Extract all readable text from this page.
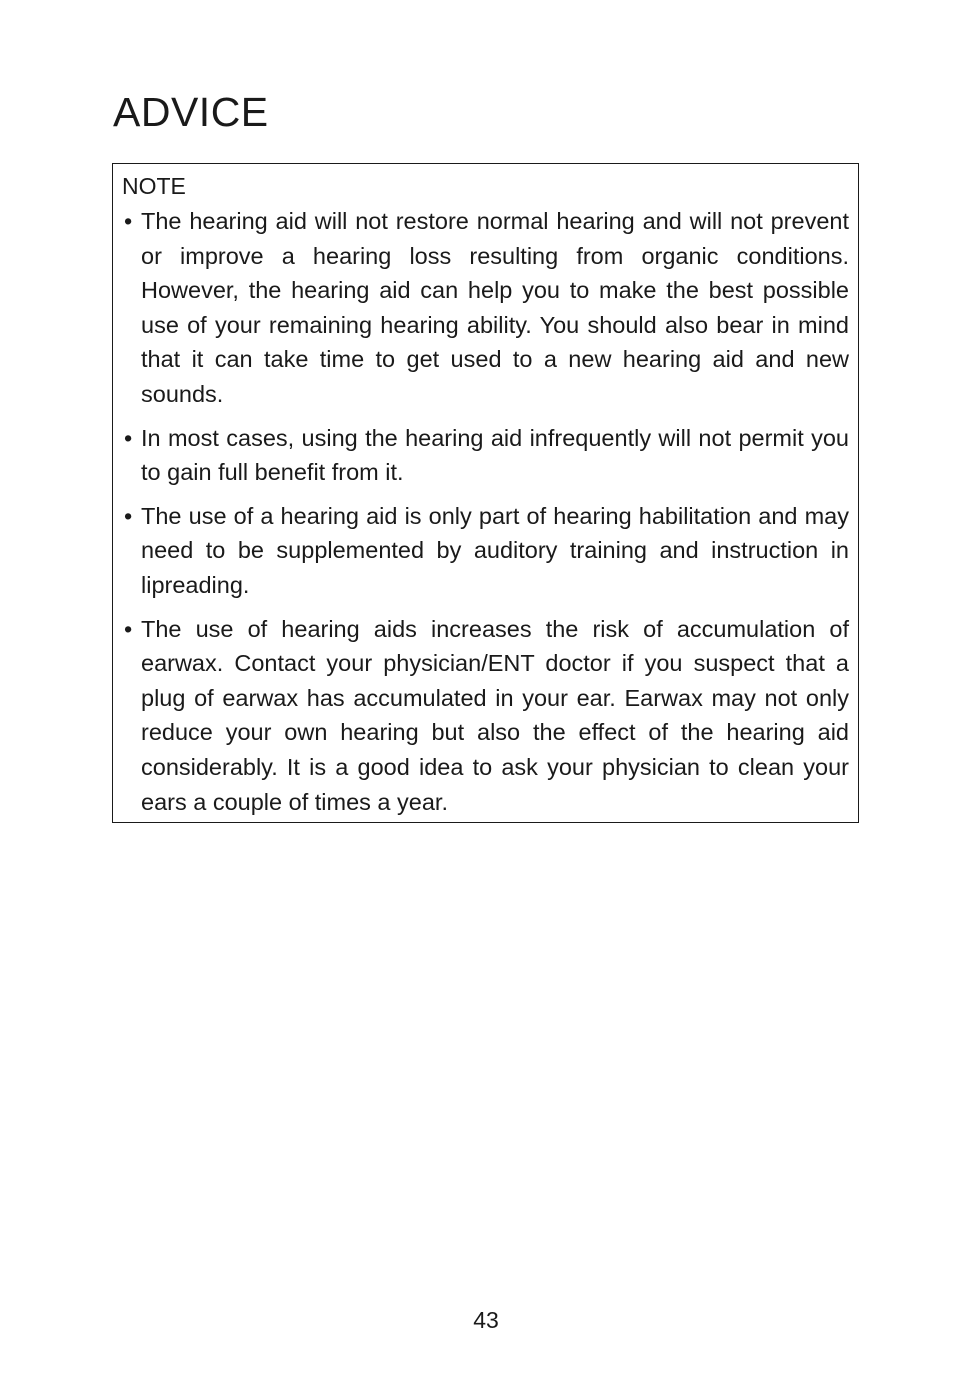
ADVICE
NOTE
• The hearing aid will not restore normal hearing and will not prevent or improve a hearing loss resulting from organic conditions. However, the hearing aid can help you to make the best possible use of your remaining hearing ability. You should also bear in mind that it can take time to get used to a new hearing aid and new sounds.
• In most cases, using the hearing aid infrequently will not permit you to gain full benefit from it.
• The use of a hearing aid is only part of hearing habilitation and may need to be supplemented by auditory training and instruction in lipreading.
• The use of hearing aids increases the risk of accumulation of earwax. Contact your physician/ENT doctor if you suspect that a plug of earwax has accumulated in your ear. Earwax may not only reduce your own hearing but also the effect of the hearing aid considerably. It is a good idea to ask your physician to clean your ears a couple of times a year.
43
